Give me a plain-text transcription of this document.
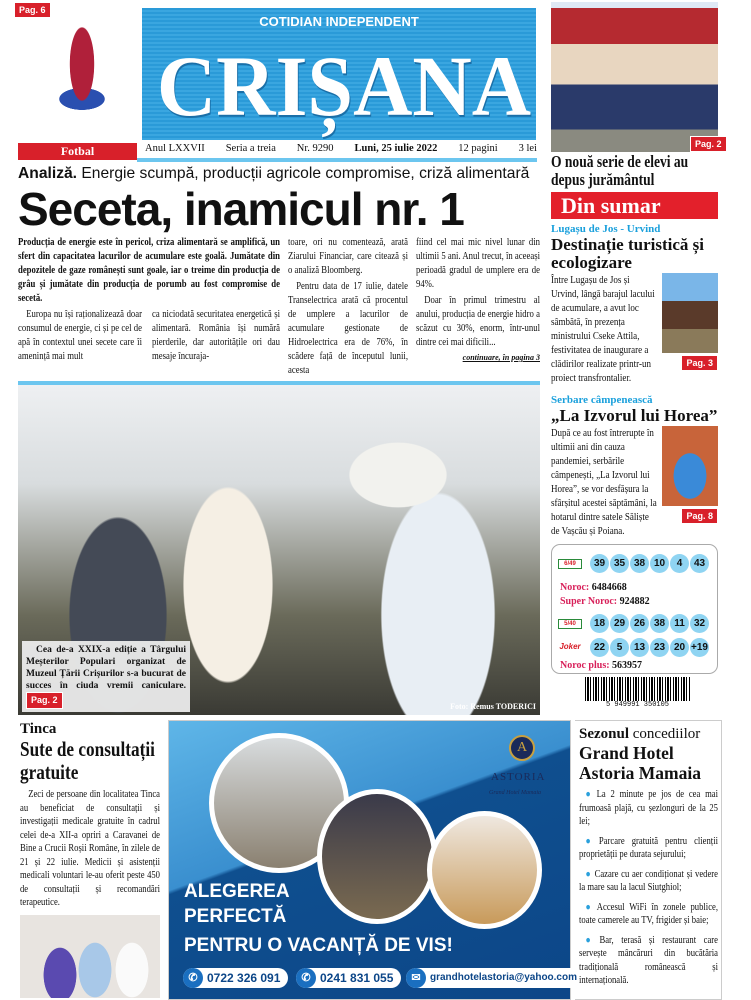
Pag. 6
Fotbal
COTIDIAN INDEPENDENT
CRIȘANA
Anul LXXVII Seria a treia Nr. 9290 Luni, 25 iulie 2022 12 pagini 3 lei	Pag. 2
O nouă serie de elevi au depus jurământul
Analiză. Energie scumpă, producții agricole compromise, criză alimentară
Seceta, inamicul nr. 1
Producția de energie este în pericol, criza alimentară se amplifică, un sfert din capacitatea lacurilor de acumulare este goală. Jumătate din depozitele de gaze românești sunt goale, iar o treime din producția de grâu și jumătate din producția de porumb au fost compromise de secetă.

Europa nu își raționalizează doar consumul de energie, ci și pe cel de apă în contextul unei secete care îi amenință mai mult

ca niciodată securitatea energetică și alimentară. România își numără pierderile, dar autoritățile ori dau mesaje încuraja-

toare, ori nu comentează, arată Ziarului Financiar, care citează și o analiză Bloomberg.

Pentru data de 17 iulie, datele Transelectrica arată că procentul de umplere a lacurilor de acumulare gestionate de Hidroelectrica era de 76%, în scădere față de începutul lunii, acesta

fiind cel mai mic nivel lunar din ultimii 5 ani. Anul trecut, în aceeași perioadă gradul de umplere era de 94%.

Doar în primul trimestru al anului, producția de energie hidro a scăzut cu 30%, enorm, într-unul dintre cei mai dificili...

continuare, în pagina 3
Cea de-a XXIX-a ediție a Târgului Meșterilor Populari organizat de Muzeul Țării Crișurilor s-a bucurat de succes în ciuda vremii caniculare. Pag. 2
Foto: Remus TODERICI
Din sumar
Lugașu de Jos - Urvind
Destinație turistică și ecologizare
Între Lugașu de Jos și Urvind, lângă barajul lacului de acumulare, a avut loc sâmbătă, în prezența ministrului Cseke Attila, festivitatea de inaugurare a clădirilor realizate printr-un proiect transfrontalier.
Pag. 3
Serbare câmpenească
„La Izvorul lui Horea”
După ce au fost întrerupte în ultimii ani din cauza pandemiei, serbările câmpenești, „La Izvorul lui Horea”, se vor desfășura la sfârșitul acestei săptămâni, la hotarul dintre satele Săliște de Vașcău și Poiana.
Pag. 8
6/49	39 35 38 10	4	43
Noroc: 6484668
Super Noroc: 924882
5/40	18 29 26 38 11 32
Joker	22	5	13 23 20 +19
Noroc plus: 563957
5 949991 350105
Tinca
Sute de consultații gratuite
Zeci de persoane din localitatea Tinca au beneficiat de consultații și investigații medicale gratuite în cadrul celei de-a XII-a opriri a Caravanei de Bine a Crucii Roșii Române, în zilele de 21 și 22 iulie. Medicii și asistenții medicali voluntari le-au oferit peste 450 de consultații și recomandări terapeutice.
A
ASTORIA
Grand Hotel Mamaia
ALEGEREA
PERFECTĂ
PENTRU O VACANȚĂ DE VIS!
✆ 0722 326 091	✆ 0241 831 055	✉ grandhotelastoria@yahoo.com
Sezonul concediilor
Grand Hotel Astoria Mamaia
● La 2 minute pe jos de cea mai frumoasă plajă, cu șezlonguri de la 25 lei;
● Parcare gratuită pentru clienții proprietății pe durata sejurului;
● Cazare cu aer condiționat și vedere la mare sau la lacul Siutghiol;
● Accesul WiFi în zonele publice, toate camerele au TV, frigider și baie;
● Bar, terasă și restaurant care servește mâncăruri din bucătăria tradițională românească și internațională.
